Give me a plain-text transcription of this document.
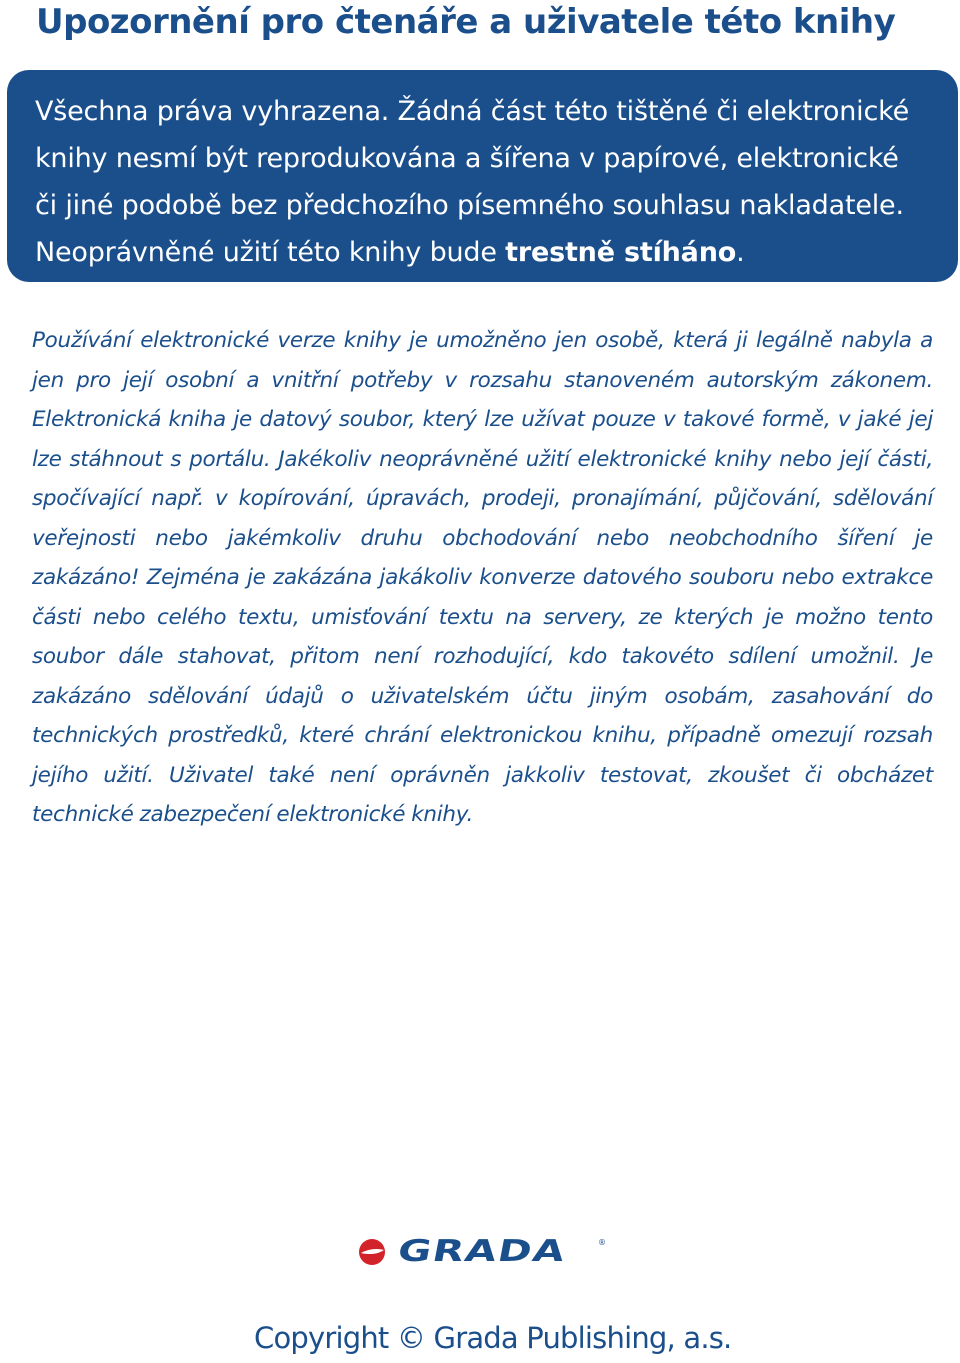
Upozornění pro čtenáře a uživatele této knihy
Všechna práva vyhrazena. Žádná část této tištěné či elektronické
knihy nesmí být reprodukována a šířena v papírové, elektronické
či jiné podobě bez předchozího písemného souhlasu nakladatele.
Neoprávněné užití této knihy bude trestně stíháno.

Používání elektronické verze knihy je umožněno jen osobě, která ji legálně nabyla a jen pro její osobní a vnitřní potřeby v rozsahu stanoveném autorským zákonem. Elektronická kniha je datový soubor, který lze užívat pouze v takové formě, v jaké jej lze stáhnout s portálu. Jakékoliv neoprávněné užití elektronické knihy nebo její části, spočívající např. v kopírování, úpravách, prodeji, pronajímání, půjčování, sdělování veřejnosti nebo jakémkoliv druhu obchodování nebo neobchodního šíření je zakázáno! Zejména je zakázána jakákoliv konverze datového souboru nebo extrakce části nebo celého textu, umisťování textu na servery, ze kterých je možno tento soubor dále stahovat, přitom není rozhodující, kdo takovéto sdílení umožnil. Je zakázáno sdělování údajů o uživatelském účtu jiným osobám, zasahování do technických prostředků, které chrání elektronickou knihu, případně omezují rozsah jejího užití. Uživatel také není oprávněn jakkoliv testovat, zkoušet či obcházet technické zabezpečení elektronické knihy.

GRADA	®
Copyright © Grada Publishing, a.s.
